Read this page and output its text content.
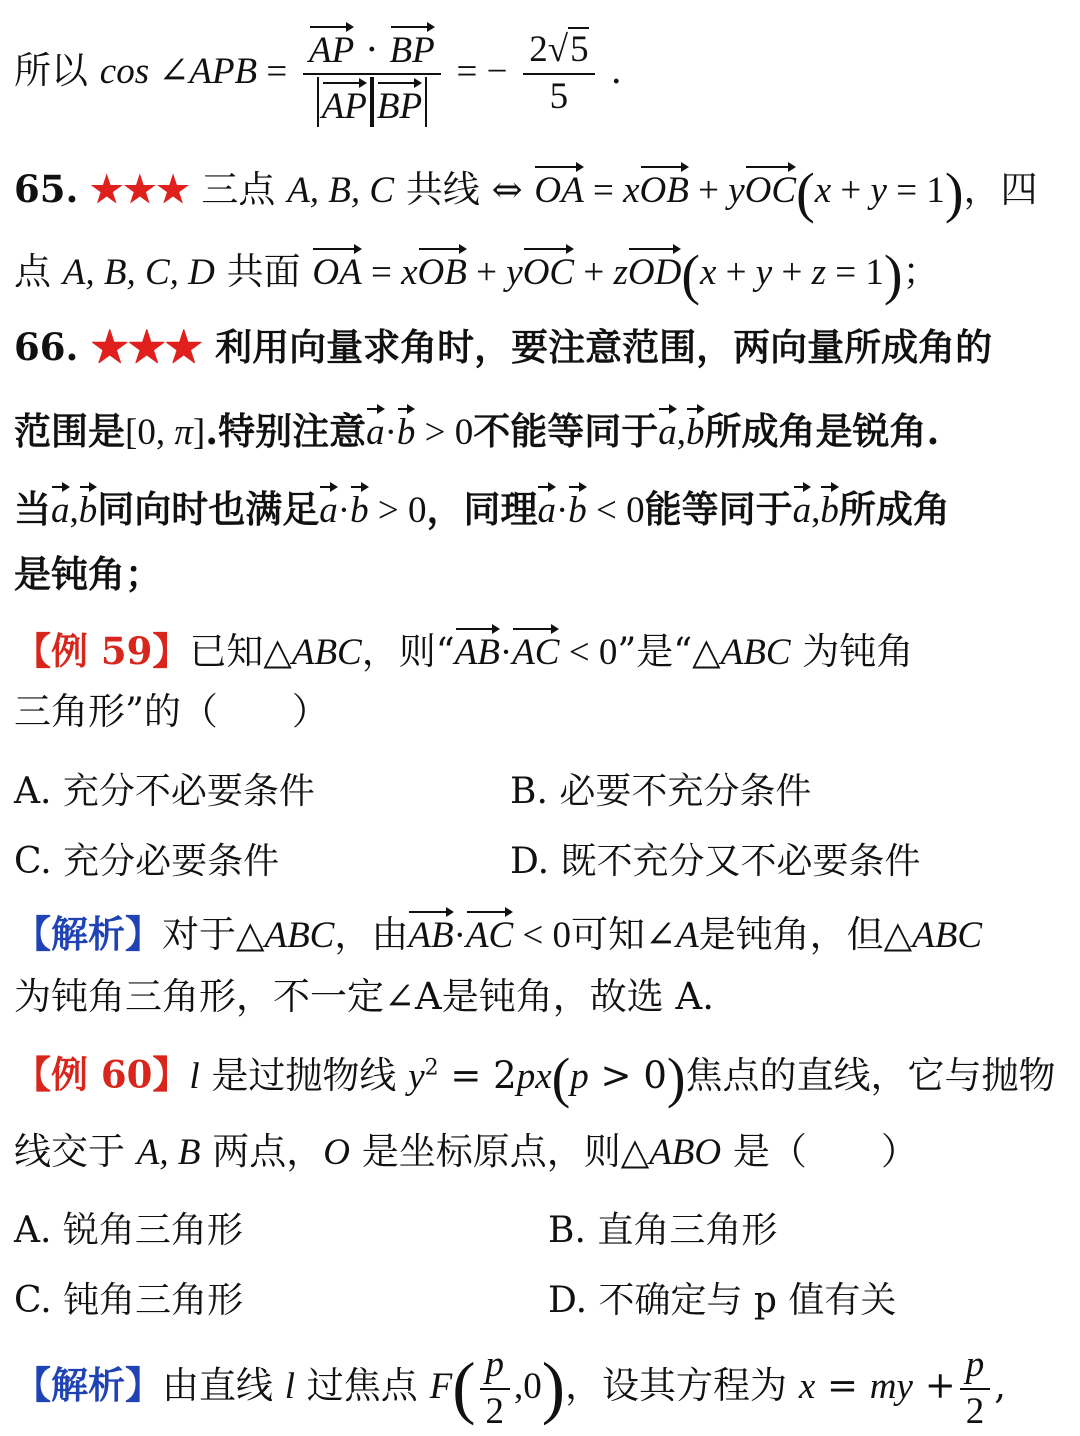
所以 cos ∠APB = $\frac{AP \cdot BP}{\text{AP BP}}$ = − $\frac{2√5}{5}$ .
65. ★★★ 三点 A, B, C 共线 ⇔ OA = xOB + yOC(x + y = 1)，四
点 A, B, C, D 共面 OA = xOB + yOC + zOD(x + y + z = 1)；
66. ★★★ 利用向量求角时，要注意范围，两向量所成角的
范围是[0, π].特别注意a·b > 0不能等同于a,b所成角是锐角.
当a,b同向时也满足a·b > 0，同理a·b < 0能等同于a,b所成角
是钝角；
【例 59】已知△ABC，则“AB·AC < 0”是“△ABC 为钝角
三角形”的（　　）
A. 充分不必要条件	B. 必要不充分条件
C. 充分必要条件	D. 既不充分又不必要条件
【解析】对于△ABC，由AB·AC < 0可知∠A是钝角，但△ABC
为钝角三角形，不一定∠A是钝角，故选 A.
【例 60】l 是过抛物线 $y^2 = 2px(p > 0)$焦点的直线，它与抛物
线交于 A, B 两点，O 是坐标原点，则△ABO 是（　　）
A. 锐角三角形	B. 直角三角形
C. 钝角三角形	D. 不确定与 p 值有关
【解析】由直线 l 过焦点 $F( \frac{p}{2} ,0)$，设其方程为 x = my + $\frac{p}{2}$ ,
